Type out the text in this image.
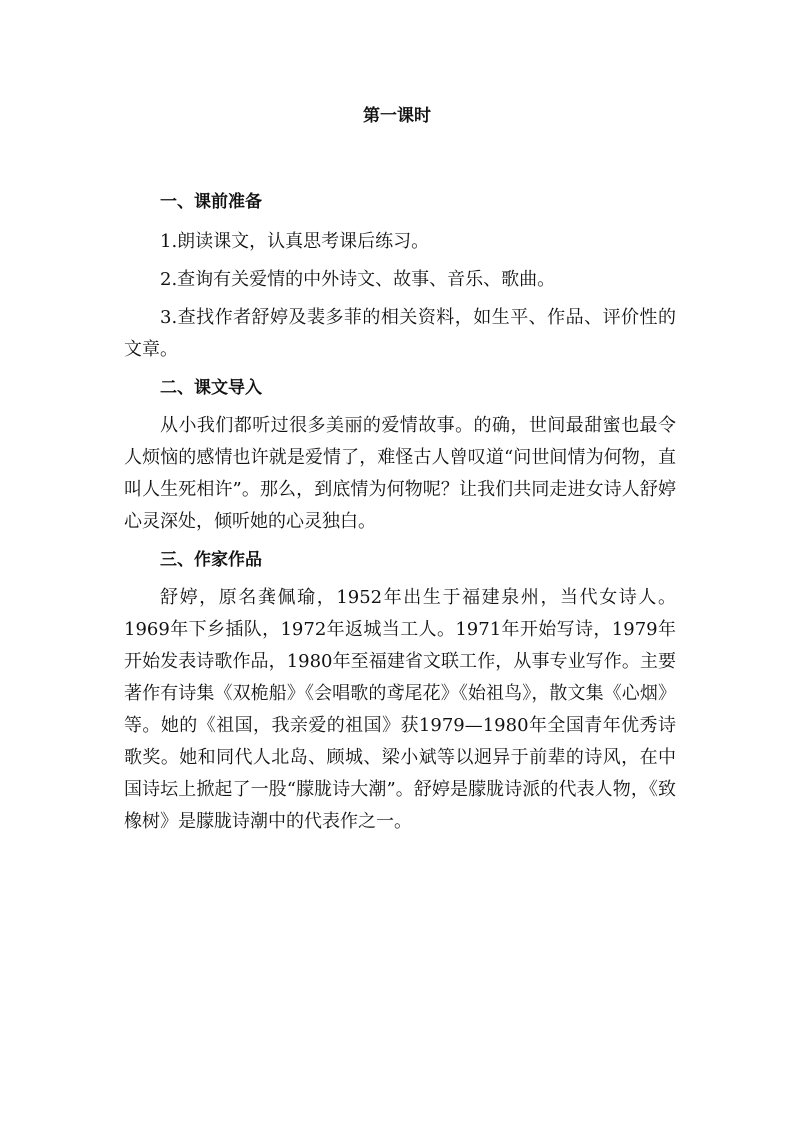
第一课时

一、课前准备

1.朗读课文，认真思考课后练习。

2.查询有关爱情的中外诗文、故事、音乐、歌曲。

3.查找作者舒婷及裴多菲的相关资料，如生平、作品、评价性的文章。

二、课文导入

从小我们都听过很多美丽的爱情故事。的确，世间最甜蜜也最令人烦恼的感情也许就是爱情了，难怪古人曾叹道“问世间情为何物，直叫人生死相许”。那么，到底情为何物呢？让我们共同走进女诗人舒婷心灵深处，倾听她的心灵独白。

三、作家作品

舒婷，原名龚佩瑜，1952年出生于福建泉州，当代女诗人。1969年下乡插队，1972年返城当工人。1971年开始写诗，1979年开始发表诗歌作品，1980年至福建省文联工作，从事专业写作。主要著作有诗集《双桅船》《会唱歌的鸢尾花》《始祖鸟》，散文集《心烟》等。她的《祖国，我亲爱的祖国》获1979—1980年全国青年优秀诗歌奖。她和同代人北岛、顾城、梁小斌等以迥异于前辈的诗风，在中国诗坛上掀起了一股“朦胧诗大潮”。舒婷是朦胧诗派的代表人物，《致橡树》是朦胧诗潮中的代表作之一。
